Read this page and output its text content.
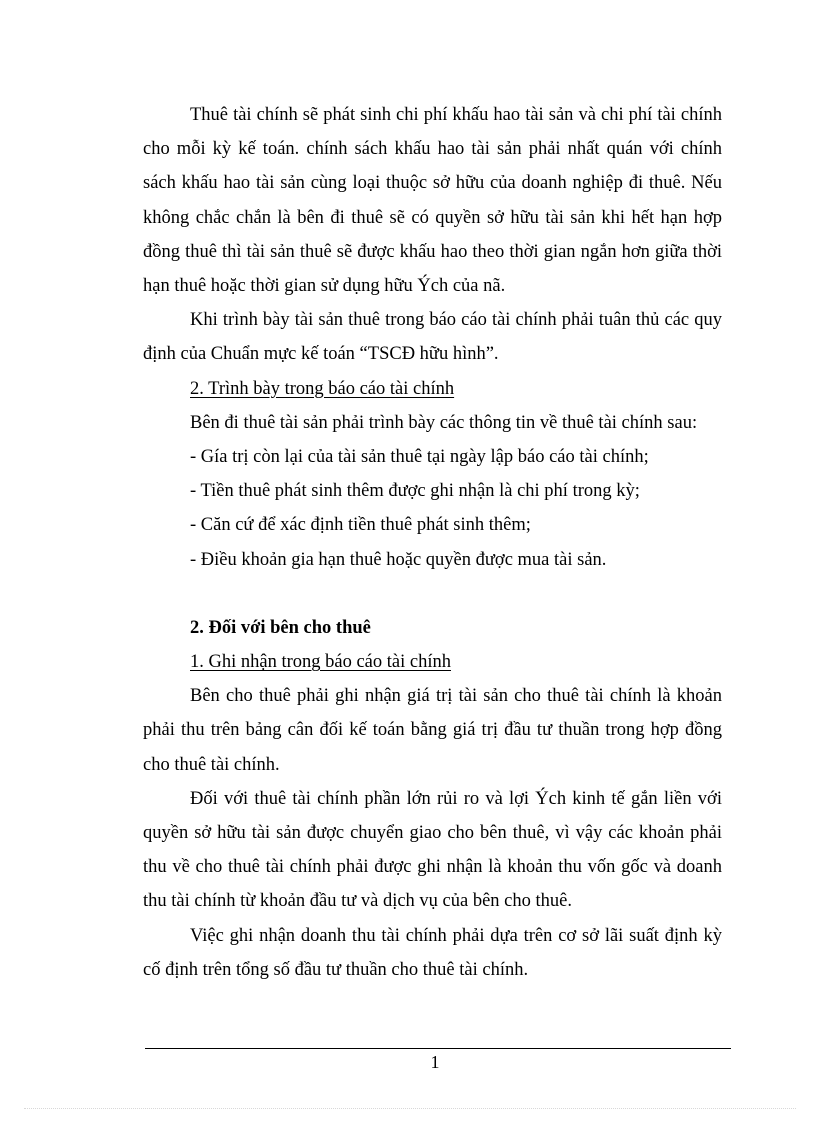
Thuê tài chính sẽ phát sinh chi phí khấu hao tài sản và chi phí tài chính cho mỗi kỳ kế toán. chính sách khấu hao tài sản phải nhất quán với chính sách khấu hao tài sản cùng loại thuộc sở hữu của doanh nghiệp đi thuê. Nếu không chắc chắn là bên đi thuê sẽ có quyền sở hữu tài sản khi hết hạn hợp đồng thuê thì tài sản thuê sẽ được khấu hao theo thời gian ngắn hơn giữa thời hạn thuê hoặc thời gian sử dụng hữu Ých của nã.

Khi trình bày tài sản thuê trong báo cáo tài chính phải tuân thủ các quy định của Chuẩn mực kế toán “TSCĐ hữu hình”.

2. Trình bày trong báo cáo tài chính

Bên đi thuê tài sản phải trình bày các thông tin về thuê tài chính sau:

- Gía trị còn lại của tài sản thuê tại ngày lập báo cáo tài chính;

- Tiền thuê phát sinh thêm được ghi nhận là chi phí trong kỳ;

- Căn cứ để xác định tiền thuê phát sinh thêm;

- Điều khoản gia hạn thuê hoặc quyền được mua tài sản.

2. Đối với bên cho thuê

1. Ghi nhận trong báo cáo tài chính

Bên cho thuê phải ghi nhận giá trị tài sản cho thuê tài chính là khoản phải thu trên bảng cân đối kế toán bằng giá trị đầu tư thuần trong hợp đồng cho thuê tài chính.

Đối với thuê tài chính phần lớn rủi ro và lợi Ých kinh tế gắn liền với quyền sở hữu tài sản được chuyển giao cho bên thuê, vì vậy các khoản phải thu về cho thuê tài chính phải được ghi nhận là khoản thu vốn gốc và doanh thu tài chính từ khoản đầu tư và dịch vụ của bên cho thuê.

Việc ghi nhận doanh thu tài chính phải dựa trên cơ sở lãi suất định kỳ cố định trên tổng số đầu tư thuần cho thuê tài chính.

1
